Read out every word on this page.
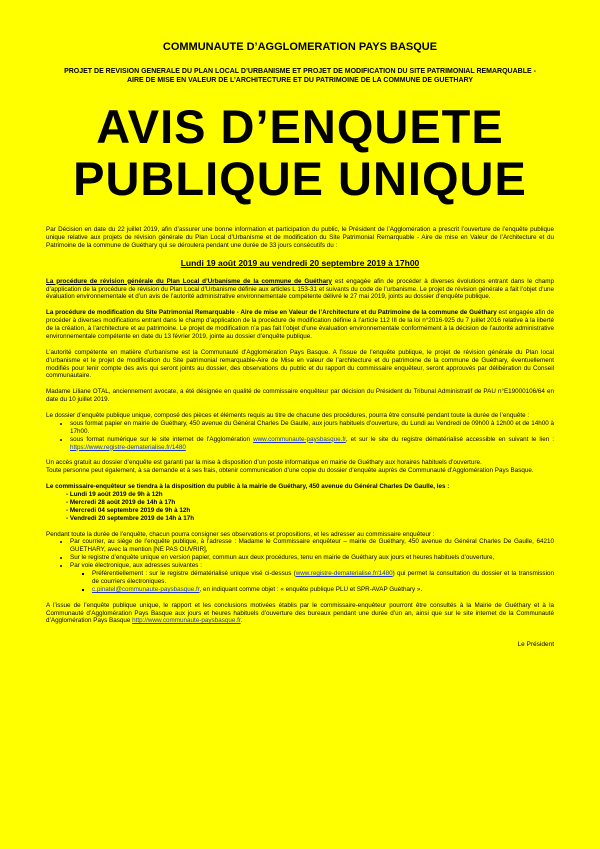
COMMUNAUTE D’AGGLOMERATION PAYS BASQUE
PROJET DE REVISION GENERALE DU PLAN LOCAL D’URBANISME ET PROJET DE MODIFICATION DU SITE PATRIMONIAL REMARQUABLE - AIRE DE MISE EN VALEUR DE L’ARCHITECTURE ET DU PATRIMOINE DE LA COMMUNE DE GUETHARY
AVIS D’ENQUETE
PUBLIQUE UNIQUE

Par Décision en date du 22 juillet 2019, afin d’assurer une bonne information et participation du public, le Président de l’Agglomération a prescrit l’ouverture de l’enquête publique unique relative aux projets de révision générale du Plan Local d’Urbanisme et de modification du Site Patrimonial Remarquable - Aire de mise en Valeur de l’Architecture et du Patrimoine de la commune de Guéthary qui se déroulera pendant une durée de 33 jours consécutifs du :

Lundi 19 août 2019 au vendredi 20 septembre 2019 à 17h00

La procédure de révision générale du Plan Local d’Urbanisme de la commune de Guéthary est engagée afin de procéder à diverses évolutions entrant dans le champ d’application de la procédure de révision du Plan Local d’Urbanisme définie aux articles L 153-31 et suivants du code de l’urbanisme. Le projet de révision générale a fait l’objet d’une évaluation environnementale et d’un avis de l’autorité administrative environnementale compétente délivré le 27 mai 2019, joints au dossier d’enquête publique.

La procédure de modification du Site Patrimonial Remarquable - Aire de mise en Valeur de l’Architecture et du Patrimoine de la commune de Guéthary est engagée afin de procéder à diverses modifications entrant dans le champ d’application de la procédure de modification définie à l’article 112 III de la loi n°2016-925 du 7 juillet 2016 relative à la liberté de la création, à l’architecture et au patrimoine. Le projet de modification n’a pas fait l’objet d’une évaluation environnementale conformément à la décision de l’autorité administrative environnementale compétente en date du 13 février 2019, jointe au dossier d’enquête publique.

L’autorité compétente en matière d’urbanisme est la Communauté d’Agglomération Pays Basque. A l’issue de l’enquête publique, le projet de révision générale du Plan local d’urbanisme et le projet de modification du Site patrimonial remarquable-Aire de Mise en valeur de l’architecture et du patrimoine de la commune de Guéthary, éventuellement modifiés pour tenir compte des avis qui seront joints au dossier, des observations du public et du rapport du commissaire enquêteur, seront approuvés par délibération du Conseil communautaire.

Madame Liliane OTAL, anciennement avocate, a été désignée en qualité de commissaire enquêteur par décision du Président du Tribunal Administratif de PAU n°E19000106/64 en date du 10 juillet 2019.

Le dossier d’enquête publique unique, composé des pièces et éléments requis au titre de chacune des procédures, pourra être consulté pendant toute la durée de l’enquête :

• sous format papier en mairie de Guéthary, 450 avenue du Général Charles De Gaulle, aux jours habituels d’ouverture, du Lundi au Vendredi de 09h00 à 12h00 et de 14h00 à 17h00.
• sous format numérique sur le site internet de l’Agglomération www.communaute-paysbasque.fr, et sur le site du registre dématérialisé accessible en suivant le lien : https://www.registre-dematerialise.fr/1480

Un accès gratuit au dossier d’enquête est garanti par la mise à disposition d’un poste informatique en mairie de Guéthary aux horaires habituels d’ouverture.

Toute personne peut également, à sa demande et à ses frais, obtenir communication d’une copie du dossier d’enquête auprès de Communauté d’Agglomération Pays Basque.

Le commissaire-enquêteur se tiendra à la disposition du public à la mairie de Guéthary, 450 avenue du Général Charles De Gaulle, les :

- Lundi 19 août 2019 de 9h à 12h
- Mercredi 28 août 2019 de 14h à 17h
- Mercredi 04 septembre 2019 de 9h à 12h
- Vendredi 20 septembre 2019 de 14h à 17h

Pendant toute la durée de l’enquête, chacun pourra consigner ses observations et propositions, et les adresser au commissaire enquêteur :

• Par courrier, au siège de l’enquête publique, à l’adresse : Madame le Commissaire enquêteur – mairie de Guéthary, 450 avenue du Général Charles De Gaulle, 64210 GUETHARY, avec la mention [NE PAS OUVRIR],
• Sur le registre d’enquête unique en version papier, commun aux deux procédures, tenu en mairie de Guéthary aux jours et heures habituels d’ouverture,
• Par voie électronique, aux adresses suivantes :
▪ Préférentiellement : sur le registre dématérialisé unique visé ci-dessus (www.registre-dematerialise.fr/1480) qui permet la consultation du dossier et la transmission de courriers électroniques.
▪ c.pinatel@communaute-paysbasque.fr, en indiquant comme objet : « enquête publique PLU et SPR-AVAP Guéthary ».

A l’issue de l’enquête publique unique, le rapport et les conclusions motivées établis par le commissaire-enquêteur pourront être consultés à la Mairie de Guéthary et à la Communauté d’Agglomération Pays Basque aux jours et heures habituels d’ouverture des bureaux pendant une durée d’un an, ainsi que sur le site internet de la Communauté d’Agglomération Pays Basque http://www.communaute-paysbasque.fr.

Le Président
